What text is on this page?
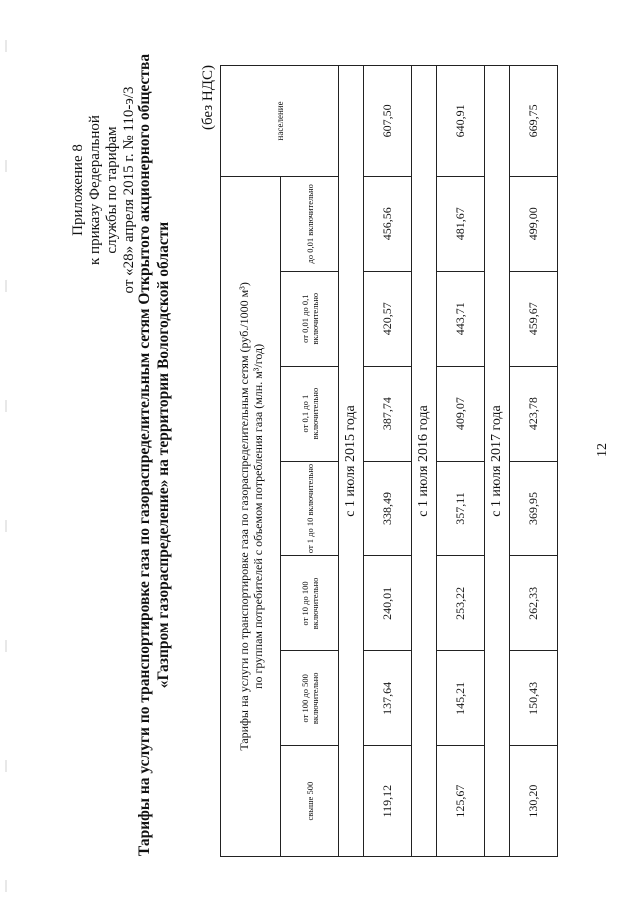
Приложение 8 к приказу Федеральной службы по тарифам от «28» апреля 2015 г. № 110-э/3 Тарифы на услуги по транспортировке газа по газораспределительным сетям Открытого акционерного общества «Газпром газораспределение» на территории Вологодской области
(без НДС)
Тарифы на услуги по транспортировке газа по газораспределительным сетям (руб./1000 м³) по группам потребителей с объемом потребления газа (млн. м³/год)							население
свыше 500	от 100 до 500 включительно	от 10 до 100 включительно	от 1 до 10 включительно	от 0,1 до 1 включительно	от 0,01 до 0,1 включительно	до 0,01 включительно	
с 1 июля 2015 года							
119,12	137,64	240,01	338,49	387,74	420,57	456,56	607,50
с 1 июля 2016 года							
125,67	145,21	253,22	357,11	409,07	443,71	481,67	640,91
с 1 июля 2017 года							
130,20	150,43	262,33	369,95	423,78	459,67	499,00	669,75
12
